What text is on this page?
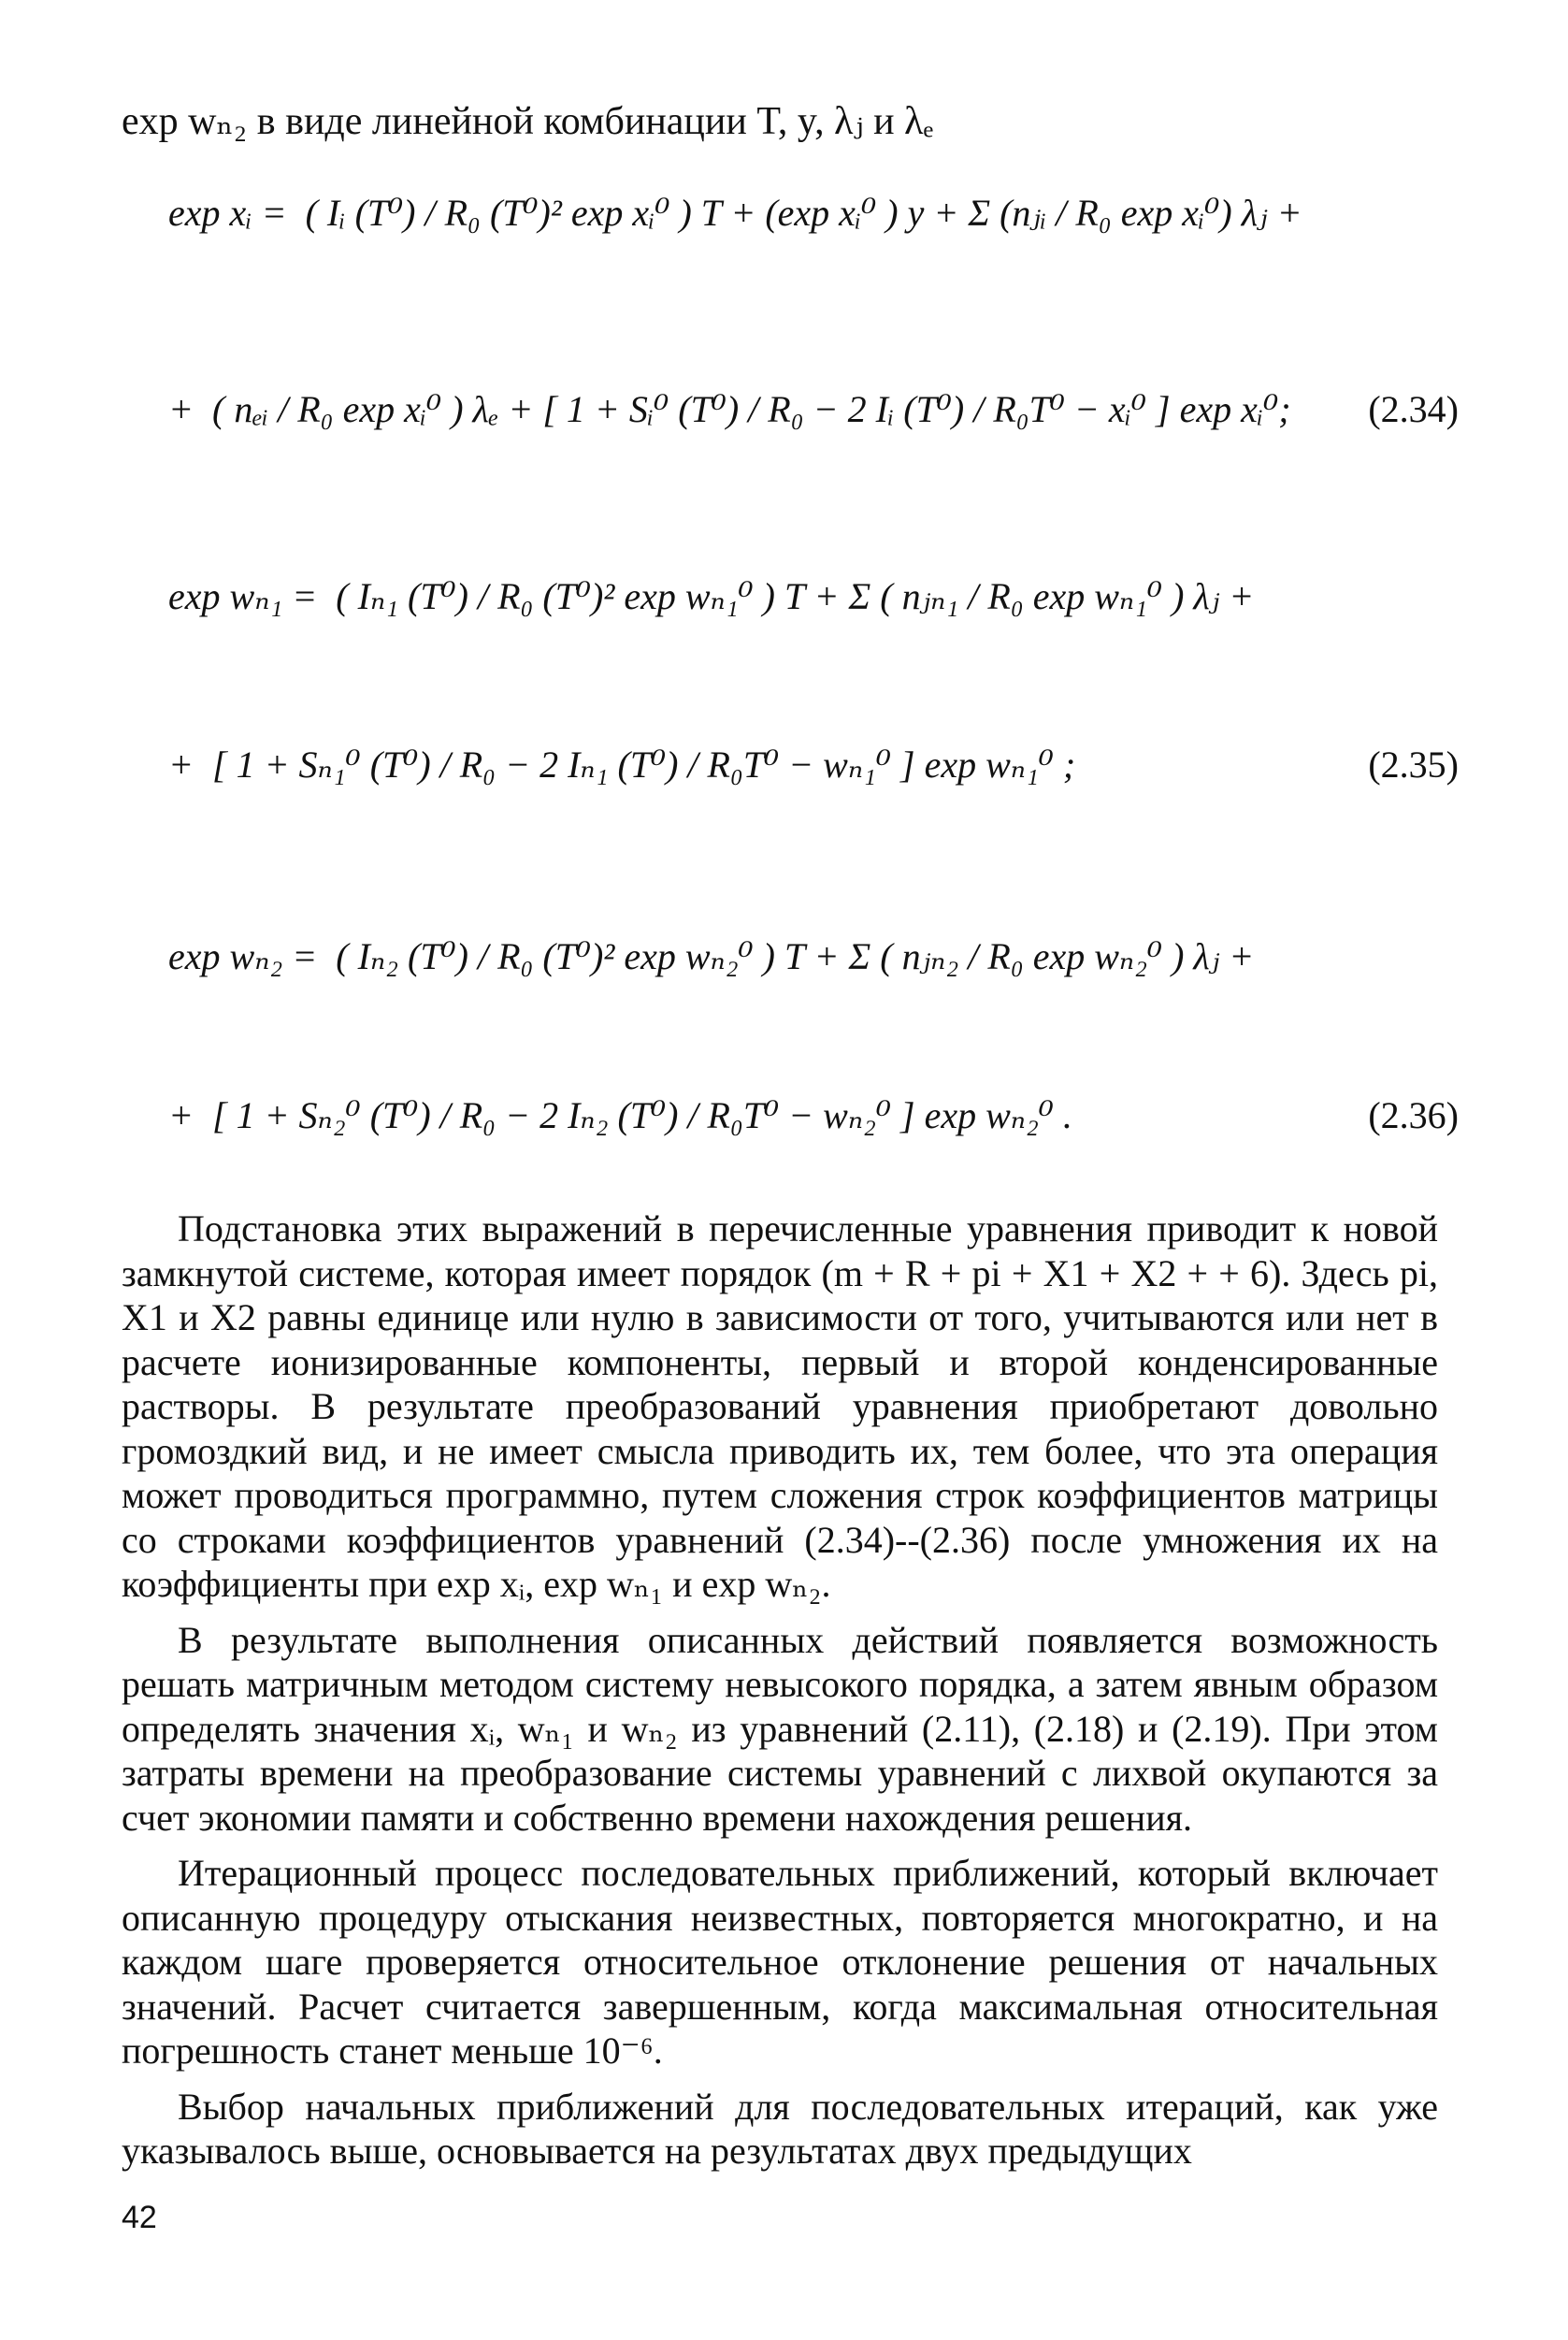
exp wₙ₂ в виде линейной комбинации T, y, λⱼ и λₑ
exp xᵢ = ( Iᵢ (T⁰) / R₀ (T⁰)² exp xᵢ⁰ ) T + (exp xᵢ⁰ ) y + Σ (nⱼᵢ / R₀ exp xᵢ⁰) λⱼ +
+ ( nₑᵢ / R₀ exp xᵢ⁰ ) λₑ + [ 1 + Sᵢ⁰ (T⁰) / R₀ − 2 Iᵢ (T⁰) / R₀T⁰ − xᵢ⁰ ] exp xᵢ⁰; (2.34)
exp wₙ₁ = ( Iₙ₁ (T⁰) / R₀ (T⁰)² exp wₙ₁⁰ ) T + Σ ( nⱼₙ₁ / R₀ exp wₙ₁⁰ ) λⱼ +
+ [ 1 + Sₙ₁⁰ (T⁰) / R₀ − 2 Iₙ₁ (T⁰) / R₀T⁰ − wₙ₁⁰ ] exp wₙ₁⁰ ;	(2.35)
exp wₙ₂ = ( Iₙ₂ (T⁰) / R₀ (T⁰)² exp wₙ₂⁰ ) T + Σ ( nⱼₙ₂ / R₀ exp wₙ₂⁰ ) λⱼ +
+ [ 1 + Sₙ₂⁰ (T⁰) / R₀ − 2 Iₙ₂ (T⁰) / R₀T⁰ − wₙ₂⁰ ] exp wₙ₂⁰ .	(2.36)

Подстановка этих выражений в перечисленные уравнения приводит к новой замкнутой системе, которая имеет порядок (m + R + pi + X1 + X2 + + 6). Здесь pi, X1 и X2 равны единице или нулю в зависимости от того, учитываются или нет в расчете ионизированные компоненты, первый и второй конденсированные растворы. В результате преобразований уравнения приобретают довольно громоздкий вид, и не имеет смысла приводить их, тем более, что эта операция может проводиться программно, путем сложения строк коэффициентов матрицы со строками коэффициентов уравнений (2.34)--(2.36) после умножения их на коэффициенты при exp xᵢ, exp wₙ₁ и exp wₙ₂.

В результате выполнения описанных действий появляется возможность решать матричным методом систему невысокого порядка, а затем явным образом определять значения xᵢ, wₙ₁ и wₙ₂ из уравнений (2.11), (2.18) и (2.19). При этом затраты времени на преобразование системы уравнений с лихвой окупаются за счет экономии памяти и собственно времени нахождения решения.

Итерационный процесс последовательных приближений, который включает описанную процедуру отыскания неизвестных, повторяется многократно, и на каждом шаге проверяется относительное отклонение решения от начальных значений. Расчет считается завершенным, когда максимальная относительная погрешность станет меньше 10⁻⁶.

Выбор начальных приближений для последовательных итераций, как уже указывалось выше, основывается на результатах двух предыдущих

42
